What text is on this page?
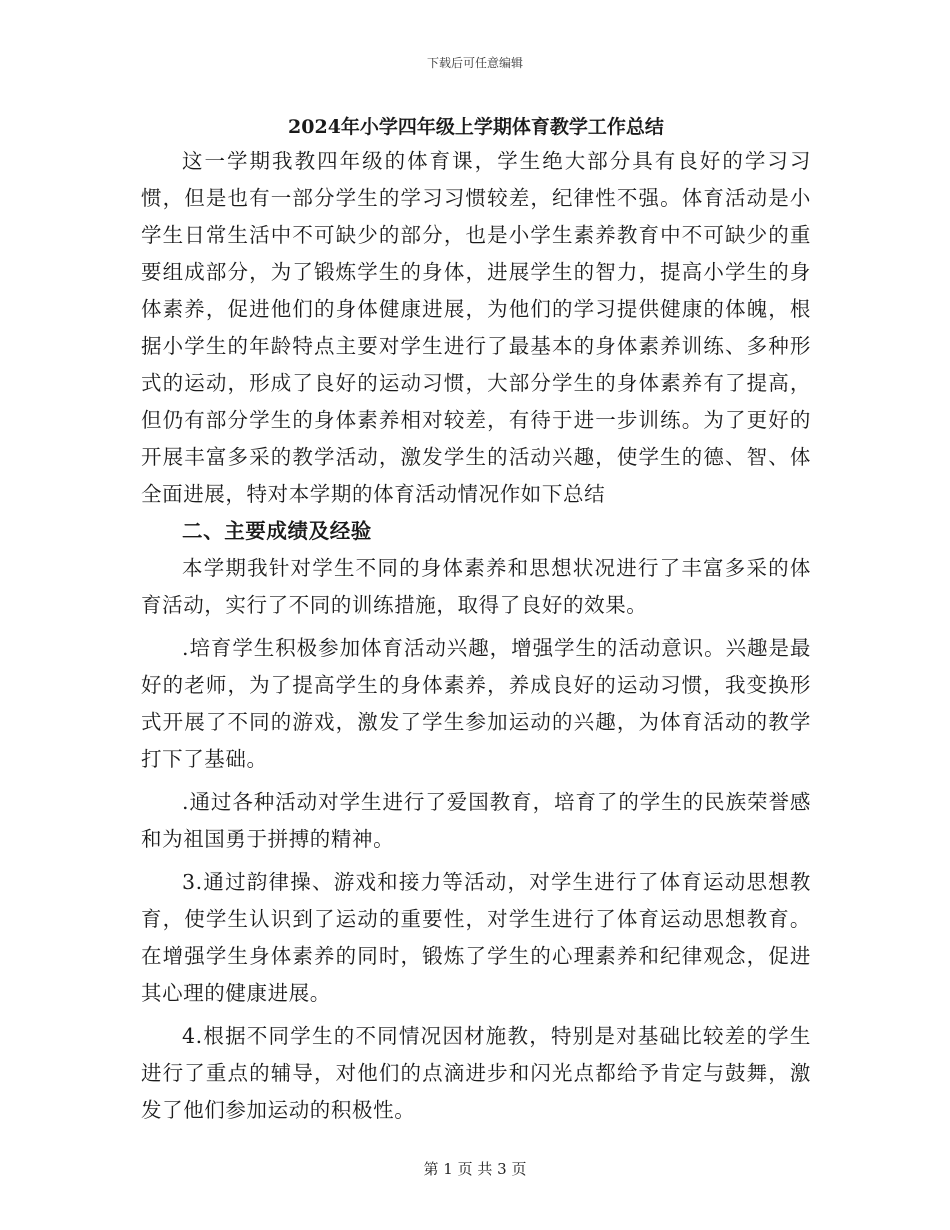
下载后可任意编辑
2024年小学四年级上学期体育教学工作总结

这一学期我教四年级的体育课，学生绝大部分具有良好的学习习惯，但是也有一部分学生的学习习惯较差，纪律性不强。体育活动是小学生日常生活中不可缺少的部分，也是小学生素养教育中不可缺少的重要组成部分，为了锻炼学生的身体，进展学生的智力，提高小学生的身体素养，促进他们的身体健康进展，为他们的学习提供健康的体魄，根据小学生的年龄特点主要对学生进行了最基本的身体素养训练、多种形式的运动，形成了良好的运动习惯，大部分学生的身体素养有了提高，但仍有部分学生的身体素养相对较差，有待于进一步训练。为了更好的开展丰富多采的教学活动，激发学生的活动兴趣，使学生的德、智、体全面进展，特对本学期的体育活动情况作如下总结

二、主要成绩及经验

本学期我针对学生不同的身体素养和思想状况进行了丰富多采的体育活动，实行了不同的训练措施，取得了良好的效果。

.培育学生积极参加体育活动兴趣，增强学生的活动意识。兴趣是最好的老师，为了提高学生的身体素养，养成良好的运动习惯，我变换形式开展了不同的游戏，激发了学生参加运动的兴趣，为体育活动的教学打下了基础。

.通过各种活动对学生进行了爱国教育，培育了的学生的民族荣誉感和为祖国勇于拼搏的精神。

3.通过韵律操、游戏和接力等活动，对学生进行了体育运动思想教育，使学生认识到了运动的重要性，对学生进行了体育运动思想教育。在增强学生身体素养的同时，锻炼了学生的心理素养和纪律观念，促进其心理的健康进展。

4.根据不同学生的不同情况因材施教，特别是对基础比较差的学生进行了重点的辅导，对他们的点滴进步和闪光点都给予肯定与鼓舞，激发了他们参加运动的积极性。

第 1 页 共 3 页
